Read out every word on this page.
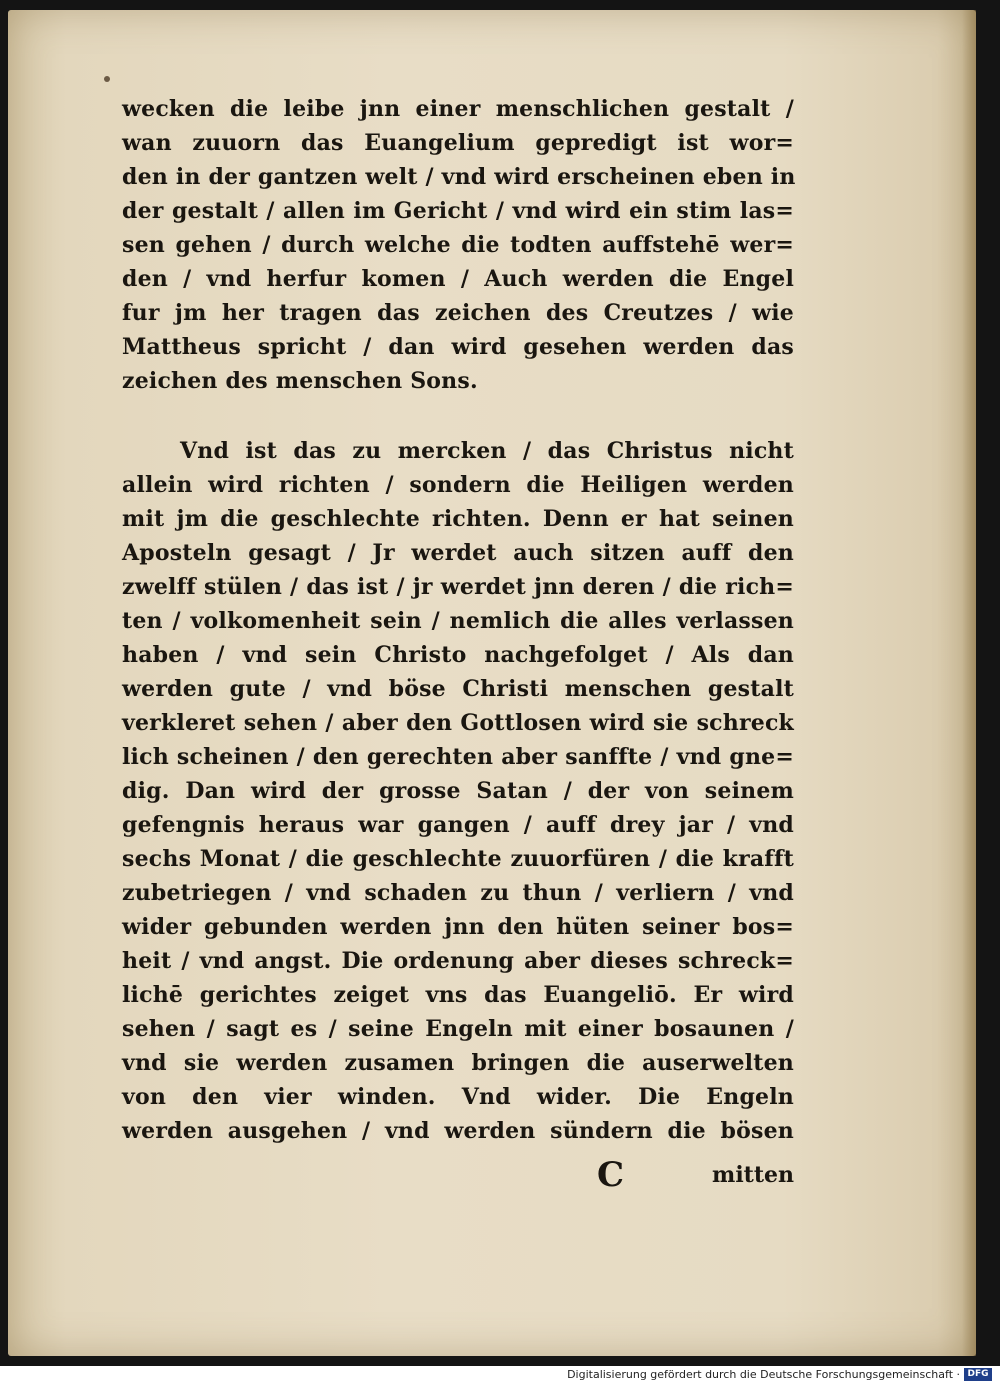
wecken die leibe jnn einer menschlichen gestalt /
wan zuuorn das Euangelium gepredigt ist wor=
den in der gantzen welt / vnd wird erscheinen eben in
der gestalt / allen im Gericht / vnd wird ein stim las=
sen gehen / durch welche die todten auffstehē wer=
den / vnd herfur komen / Auch werden die Engel
fur jm her tragen das zeichen des Creutzes / wie
Mattheus spricht / dan wird gesehen werden das
zeichen des menschen Sons.
Vnd ist das zu mercken / das Christus nicht
allein wird richten / sondern die Heiligen werden
mit jm die geschlechte richten. Denn er hat seinen
Aposteln gesagt / Jr werdet auch sitzen auff den
zwelff stülen / das ist / jr werdet jnn deren / die rich=
ten / volkomenheit sein / nemlich die alles verlassen
haben / vnd sein Christo nachgefolget / Als dan
werden gute / vnd böse Christi menschen gestalt
verkleret sehen / aber den Gottlosen wird sie schreck
lich scheinen / den gerechten aber sanffte / vnd gne=
dig. Dan wird der grosse Satan / der von seinem
gefengnis heraus war gangen / auff drey jar / vnd
sechs Monat / die geschlechte zuuorfüren / die krafft
zubetriegen / vnd schaden zu thun / verliern / vnd
wider gebunden werden jnn den hüten seiner bos=
heit / vnd angst. Die ordenung aber dieses schreck=
lichē gerichtes zeiget vns das Euangeliō. Er wird
sehen / sagt es / seine Engeln mit einer bosaunen /
vnd sie werden zusamen bringen die auserwelten
von den vier winden. Vnd wider. Die Engeln
werden ausgehen / vnd werden sündern die bösen
C	mitten
Digitalisierung gefördert durch die Deutsche Forschungsgemeinschaft · DFG
